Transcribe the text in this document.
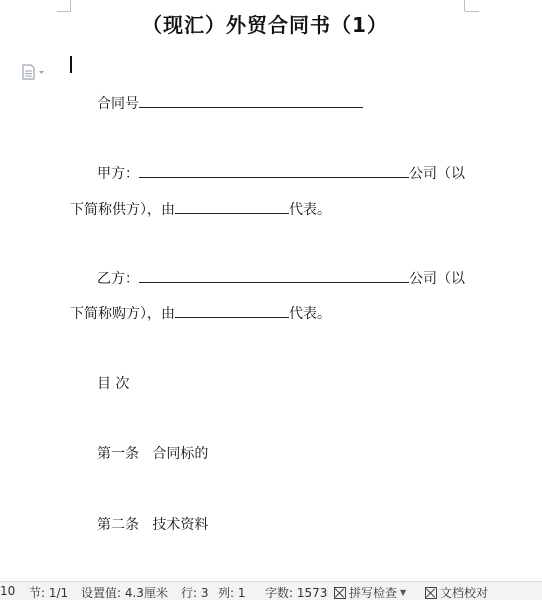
（现汇）外贸合同书（1）
合同号
甲方：	公司（以
下简称供方），由	代表。
乙方：	公司（以
下简称购方），由	代表。
目 次
第一条   合同标的
第二条   技术资料
10 节: 1/1 设置值: 4.3厘米 行: 3 列: 1 字数: 1573 拼写检查 ▼	文档校对
